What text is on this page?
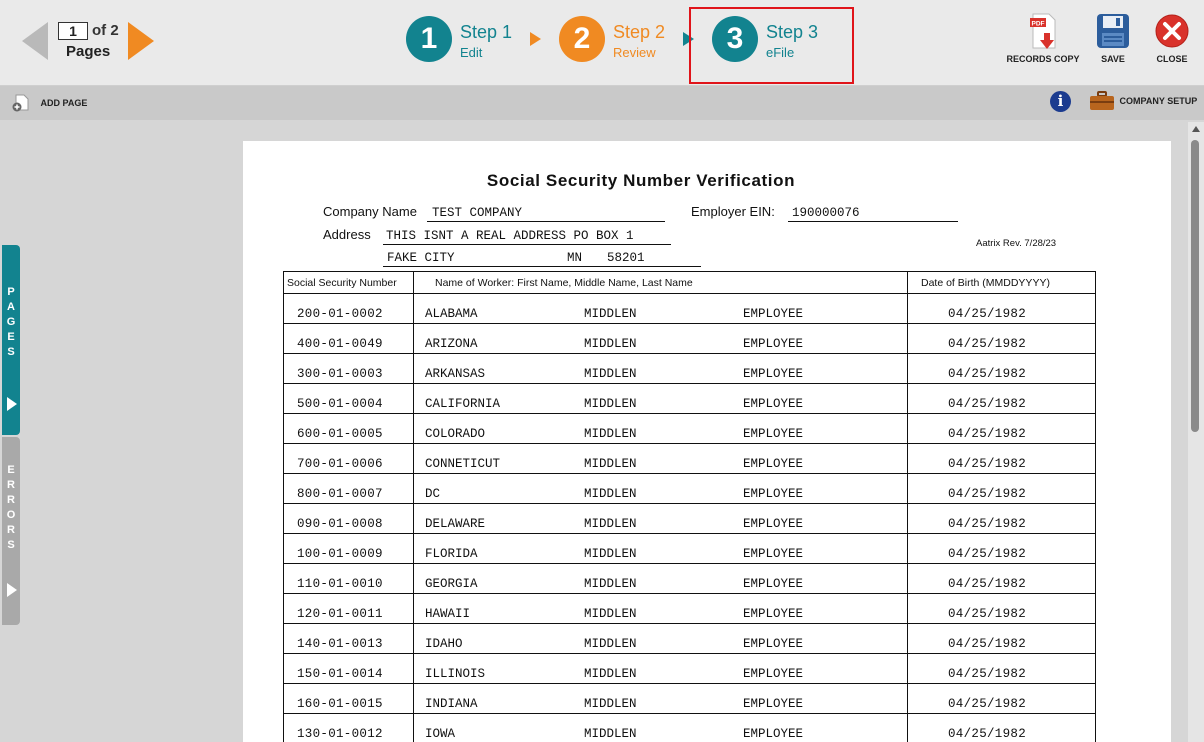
1	of 2
Pages	1	Step 1
Edit	2	Step 2
Review	3	Step 3
eFile
PDF
RECORDS COPY	SAVE	CLOSE
ADD PAGE	i	COMPANY SETUP
P
A
G
E
S
E
R
R
O
R
S
Social Security Number Verification
Company Name	TEST COMPANY	Employer EIN:	190000076
Address THIS ISNT A REAL ADDRESS PO BOX 1
FAKE CITY	MN	58201
Aatrix Rev. 7/28/23
Social Security Number	Name of Worker: First Name, Middle Name, Last Name	Date of Birth (MMDDYYYY)
200-01-0002	ALABAMA MIDDLEN EMPLOYEE	04/25/1982
400-01-0049	ARIZONA MIDDLEN EMPLOYEE	04/25/1982
300-01-0003	ARKANSAS MIDDLEN EMPLOYEE	04/25/1982
500-01-0004	CALIFORNIA MIDDLEN EMPLOYEE	04/25/1982
600-01-0005	COLORADO MIDDLEN EMPLOYEE	04/25/1982
700-01-0006	CONNETICUT MIDDLEN EMPLOYEE	04/25/1982
800-01-0007	DC MIDDLEN EMPLOYEE	04/25/1982
090-01-0008	DELAWARE MIDDLEN EMPLOYEE	04/25/1982
100-01-0009	FLORIDA MIDDLEN EMPLOYEE	04/25/1982
110-01-0010	GEORGIA MIDDLEN EMPLOYEE	04/25/1982
120-01-0011	HAWAII MIDDLEN EMPLOYEE	04/25/1982
140-01-0013	IDAHO MIDDLEN EMPLOYEE	04/25/1982
150-01-0014	ILLINOIS MIDDLEN EMPLOYEE	04/25/1982
160-01-0015	INDIANA MIDDLEN EMPLOYEE	04/25/1982
130-01-0012	IOWA MIDDLEN EMPLOYEE	04/25/1982
